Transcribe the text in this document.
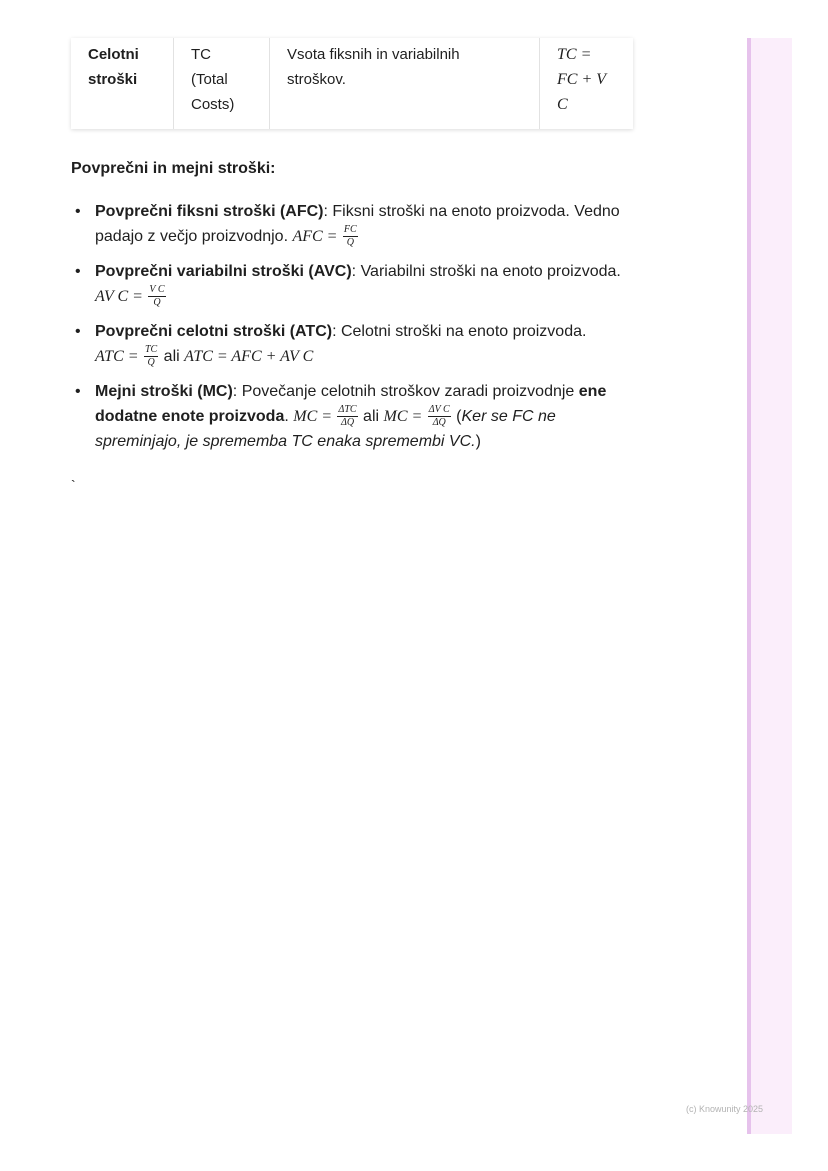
Celotni
stroški	TC
(Total
Costs)	Vsota fiksnih in variabilnih
stroškov.	TC =
FC + V C
Povprečni in mejni stroški:
• Povprečni fiksni stroški (AFC): Fiksni stroški na enoto proizvoda. Vedno padajo z večjo proizvodnjo. AFC = $\frac{FC}{Q}$
• Povprečni variabilni stroški (AVC): Variabilni stroški na enoto proizvoda.
AV $C = \frac{\text{V C}}{Q}$
• Povprečni celotni stroški (ATC): Celotni stroški na enoto proizvoda.
ATC = $\frac{TC}{Q}$ ali ATC = AFC + AV C
• Mejni stroški (MC): Povečanje celotnih stroškov zaradi proizvodnje ene dodatne enote proizvoda. MC = $\frac{\text{ΔTC}}{\Delta Q}$ ali MC = $\frac{\text{ΔV C}}{\Delta Q} (Ker$ se FC ne spreminjajo, je sprememba TC enaka spremembi VC.)
`
(c) Knowunity 2025
